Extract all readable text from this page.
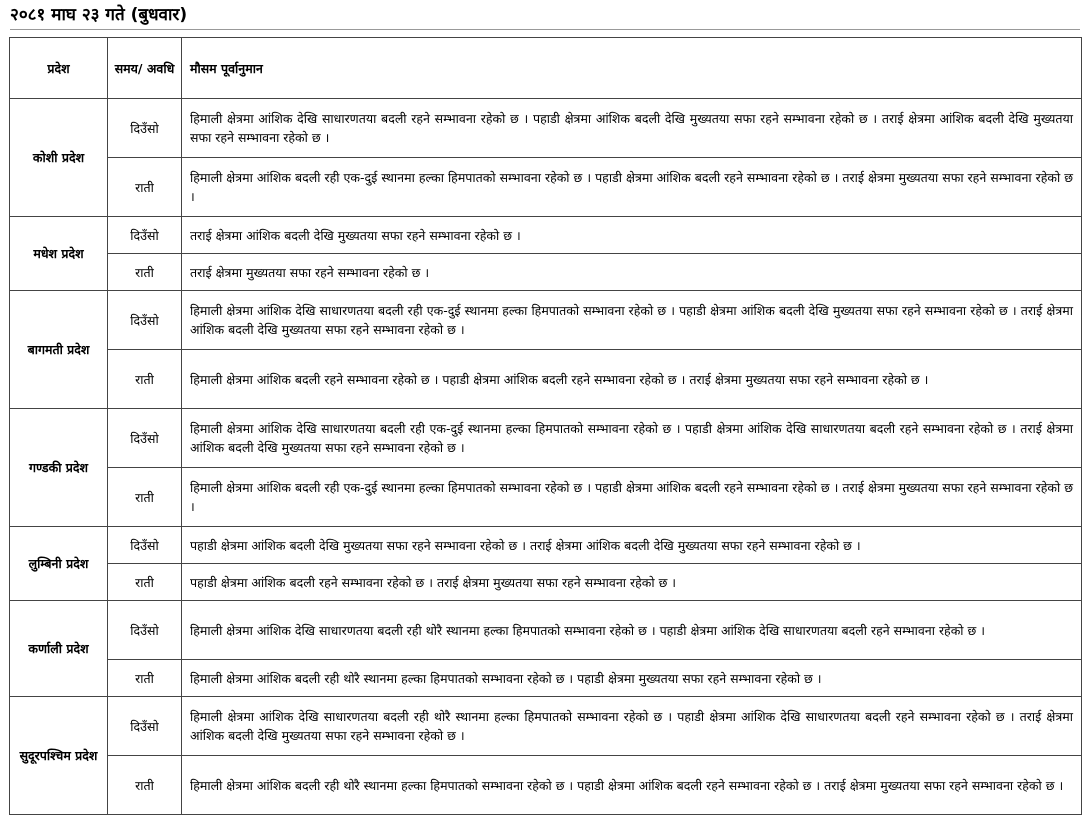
२०८१ माघ २३ गते (बुधवार)
प्रदेश	समय/ अवधि	मौसम पूर्वानुमान
कोशी प्रदेश	दिउँसो	हिमाली क्षेत्रमा आंशिक देखि साधारणतया बदली रहने सम्भावना रहेको छ । पहाडी क्षेत्रमा आंशिक बदली देखि मुख्यतया सफा रहने सम्भावना रहेको छ । तराई क्षेत्रमा आंशिक बदली देखि मुख्यतया सफा रहने सम्भावना रहेको छ ।
	राती	हिमाली क्षेत्रमा आंशिक बदली रही एक-दुई स्थानमा हल्का हिमपातको सम्भावना रहेको छ । पहाडी क्षेत्रमा आंशिक बदली रहने सम्भावना रहेको छ । तराई क्षेत्रमा मुख्यतया सफा रहने सम्भावना रहेको छ ।
मधेश प्रदेश	दिउँसो	तराई क्षेत्रमा आंशिक बदली देखि मुख्यतया सफा रहने सम्भावना रहेको छ ।
	राती	तराई क्षेत्रमा मुख्यतया सफा रहने सम्भावना रहेको छ ।
बागमती प्रदेश	दिउँसो	हिमाली क्षेत्रमा आंशिक देखि साधारणतया बदली रही एक-दुई स्थानमा हल्का हिमपातको सम्भावना रहेको छ । पहाडी क्षेत्रमा आंशिक बदली देखि मुख्यतया सफा रहने सम्भावना रहेको छ । तराई क्षेत्रमा आंशिक बदली देखि मुख्यतया सफा रहने सम्भावना रहेको छ ।
	राती	हिमाली क्षेत्रमा आंशिक बदली रहने सम्भावना रहेको छ । पहाडी क्षेत्रमा आंशिक बदली रहने सम्भावना रहेको छ । तराई क्षेत्रमा मुख्यतया सफा रहने सम्भावना रहेको छ ।
गण्डकी प्रदेश	दिउँसो	हिमाली क्षेत्रमा आंशिक देखि साधारणतया बदली रही एक-दुई स्थानमा हल्का हिमपातको सम्भावना रहेको छ । पहाडी क्षेत्रमा आंशिक देखि साधारणतया बदली रहने सम्भावना रहेको छ । तराई क्षेत्रमा आंशिक बदली देखि मुख्यतया सफा रहने सम्भावना रहेको छ ।
	राती	हिमाली क्षेत्रमा आंशिक बदली रही एक-दुई स्थानमा हल्का हिमपातको सम्भावना रहेको छ । पहाडी क्षेत्रमा आंशिक बदली रहने सम्भावना रहेको छ । तराई क्षेत्रमा मुख्यतया सफा रहने सम्भावना रहेको छ ।
लुम्बिनी प्रदेश	दिउँसो	पहाडी क्षेत्रमा आंशिक बदली देखि मुख्यतया सफा रहने सम्भावना रहेको छ । तराई क्षेत्रमा आंशिक बदली देखि मुख्यतया सफा रहने सम्भावना रहेको छ ।
	राती	पहाडी क्षेत्रमा आंशिक बदली रहने सम्भावना रहेको छ । तराई क्षेत्रमा मुख्यतया सफा रहने सम्भावना रहेको छ ।
कर्णाली प्रदेश	दिउँसो	हिमाली क्षेत्रमा आंशिक देखि साधारणतया बदली रही थोरै स्थानमा हल्का हिमपातको सम्भावना रहेको छ । पहाडी क्षेत्रमा आंशिक देखि साधारणतया बदली रहने सम्भावना रहेको छ ।
	राती	हिमाली क्षेत्रमा आंशिक बदली रही थोरै स्थानमा हल्का हिमपातको सम्भावना रहेको छ । पहाडी क्षेत्रमा मुख्यतया सफा रहने सम्भावना रहेको छ ।
सुदूरपश्चिम प्रदेश	दिउँसो	हिमाली क्षेत्रमा आंशिक देखि साधारणतया बदली रही थोरै स्थानमा हल्का हिमपातको सम्भावना रहेको छ । पहाडी क्षेत्रमा आंशिक देखि साधारणतया बदली रहने सम्भावना रहेको छ । तराई क्षेत्रमा आंशिक बदली देखि मुख्यतया सफा रहने सम्भावना रहेको छ ।
	राती	हिमाली क्षेत्रमा आंशिक बदली रही थोरै स्थानमा हल्का हिमपातको सम्भावना रहेको छ । पहाडी क्षेत्रमा आंशिक बदली रहने सम्भावना रहेको छ । तराई क्षेत्रमा मुख्यतया सफा रहने सम्भावना रहेको छ ।
